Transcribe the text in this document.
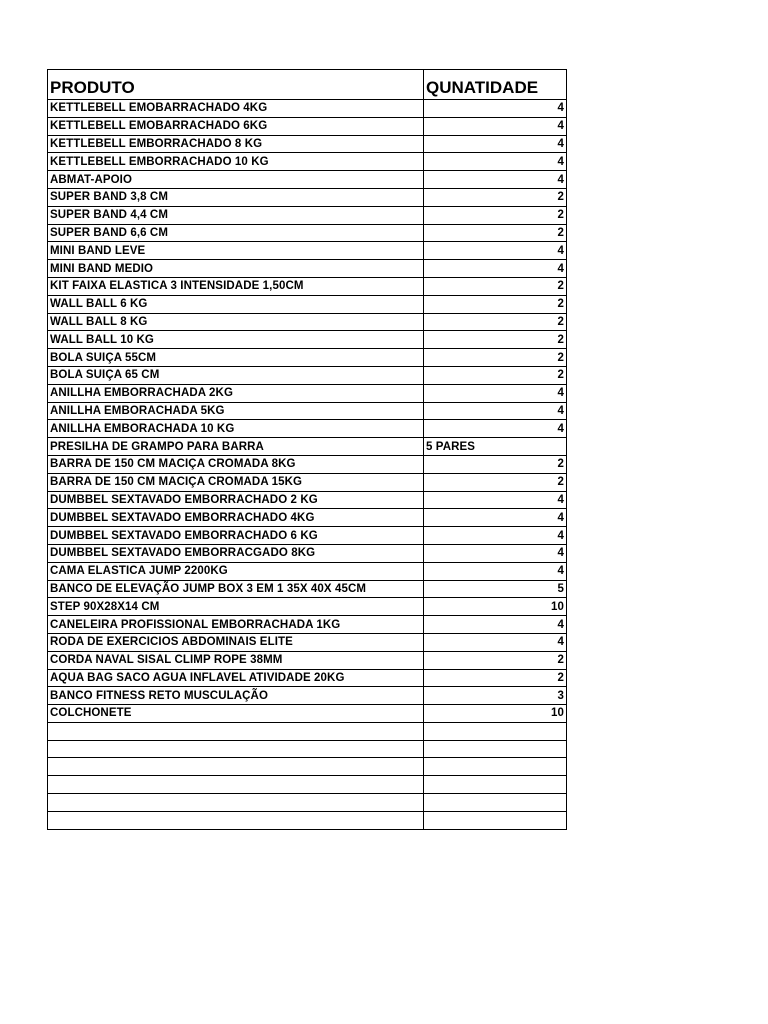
PRODUTO	QUNATIDADE
KETTLEBELL EMOBARRACHADO 4KG	4
KETTLEBELL EMOBARRACHADO 6KG	4
KETTLEBELL EMBORRACHADO 8 KG	4
KETTLEBELL EMBORRACHADO 10 KG	4
ABMAT-APOIO	4
SUPER BAND 3,8 CM	2
SUPER BAND 4,4 CM	2
SUPER BAND 6,6 CM	2
MINI BAND LEVE	4
MINI BAND MEDIO	4
KIT FAIXA ELASTICA 3 INTENSIDADE 1,50CM	2
WALL BALL 6 KG	2
WALL BALL 8 KG	2
WALL BALL 10 KG	2
BOLA SUIÇA 55CM	2
BOLA SUIÇA 65 CM	2
ANILLHA EMBORRACHADA 2KG	4
ANILLHA EMBORACHADA 5KG	4
ANILLHA EMBORACHADA 10 KG	4
PRESILHA DE GRAMPO PARA BARRA	5 PARES
BARRA DE 150 CM MACIÇA CROMADA 8KG	2
BARRA DE 150 CM MACIÇA CROMADA 15KG	2
DUMBBEL SEXTAVADO EMBORRACHADO 2 KG	4
DUMBBEL SEXTAVADO EMBORRACHADO 4KG	4
DUMBBEL SEXTAVADO EMBORRACHADO 6 KG	4
DUMBBEL SEXTAVADO EMBORRACGADO 8KG	4
CAMA ELASTICA JUMP 2200KG	4
BANCO DE ELEVAÇÃO JUMP BOX 3 EM 1 35X 40X 45CM	5
STEP 90X28X14 CM	10
CANELEIRA PROFISSIONAL EMBORRACHADA 1KG	4
RODA DE EXERCICIOS ABDOMINAIS ELITE	4
CORDA NAVAL SISAL CLIMP ROPE 38MM	2
AQUA BAG SACO AGUA INFLAVEL ATIVIDADE 20KG	2
BANCO FITNESS RETO MUSCULAÇÃO	3
COLCHONETE	10
